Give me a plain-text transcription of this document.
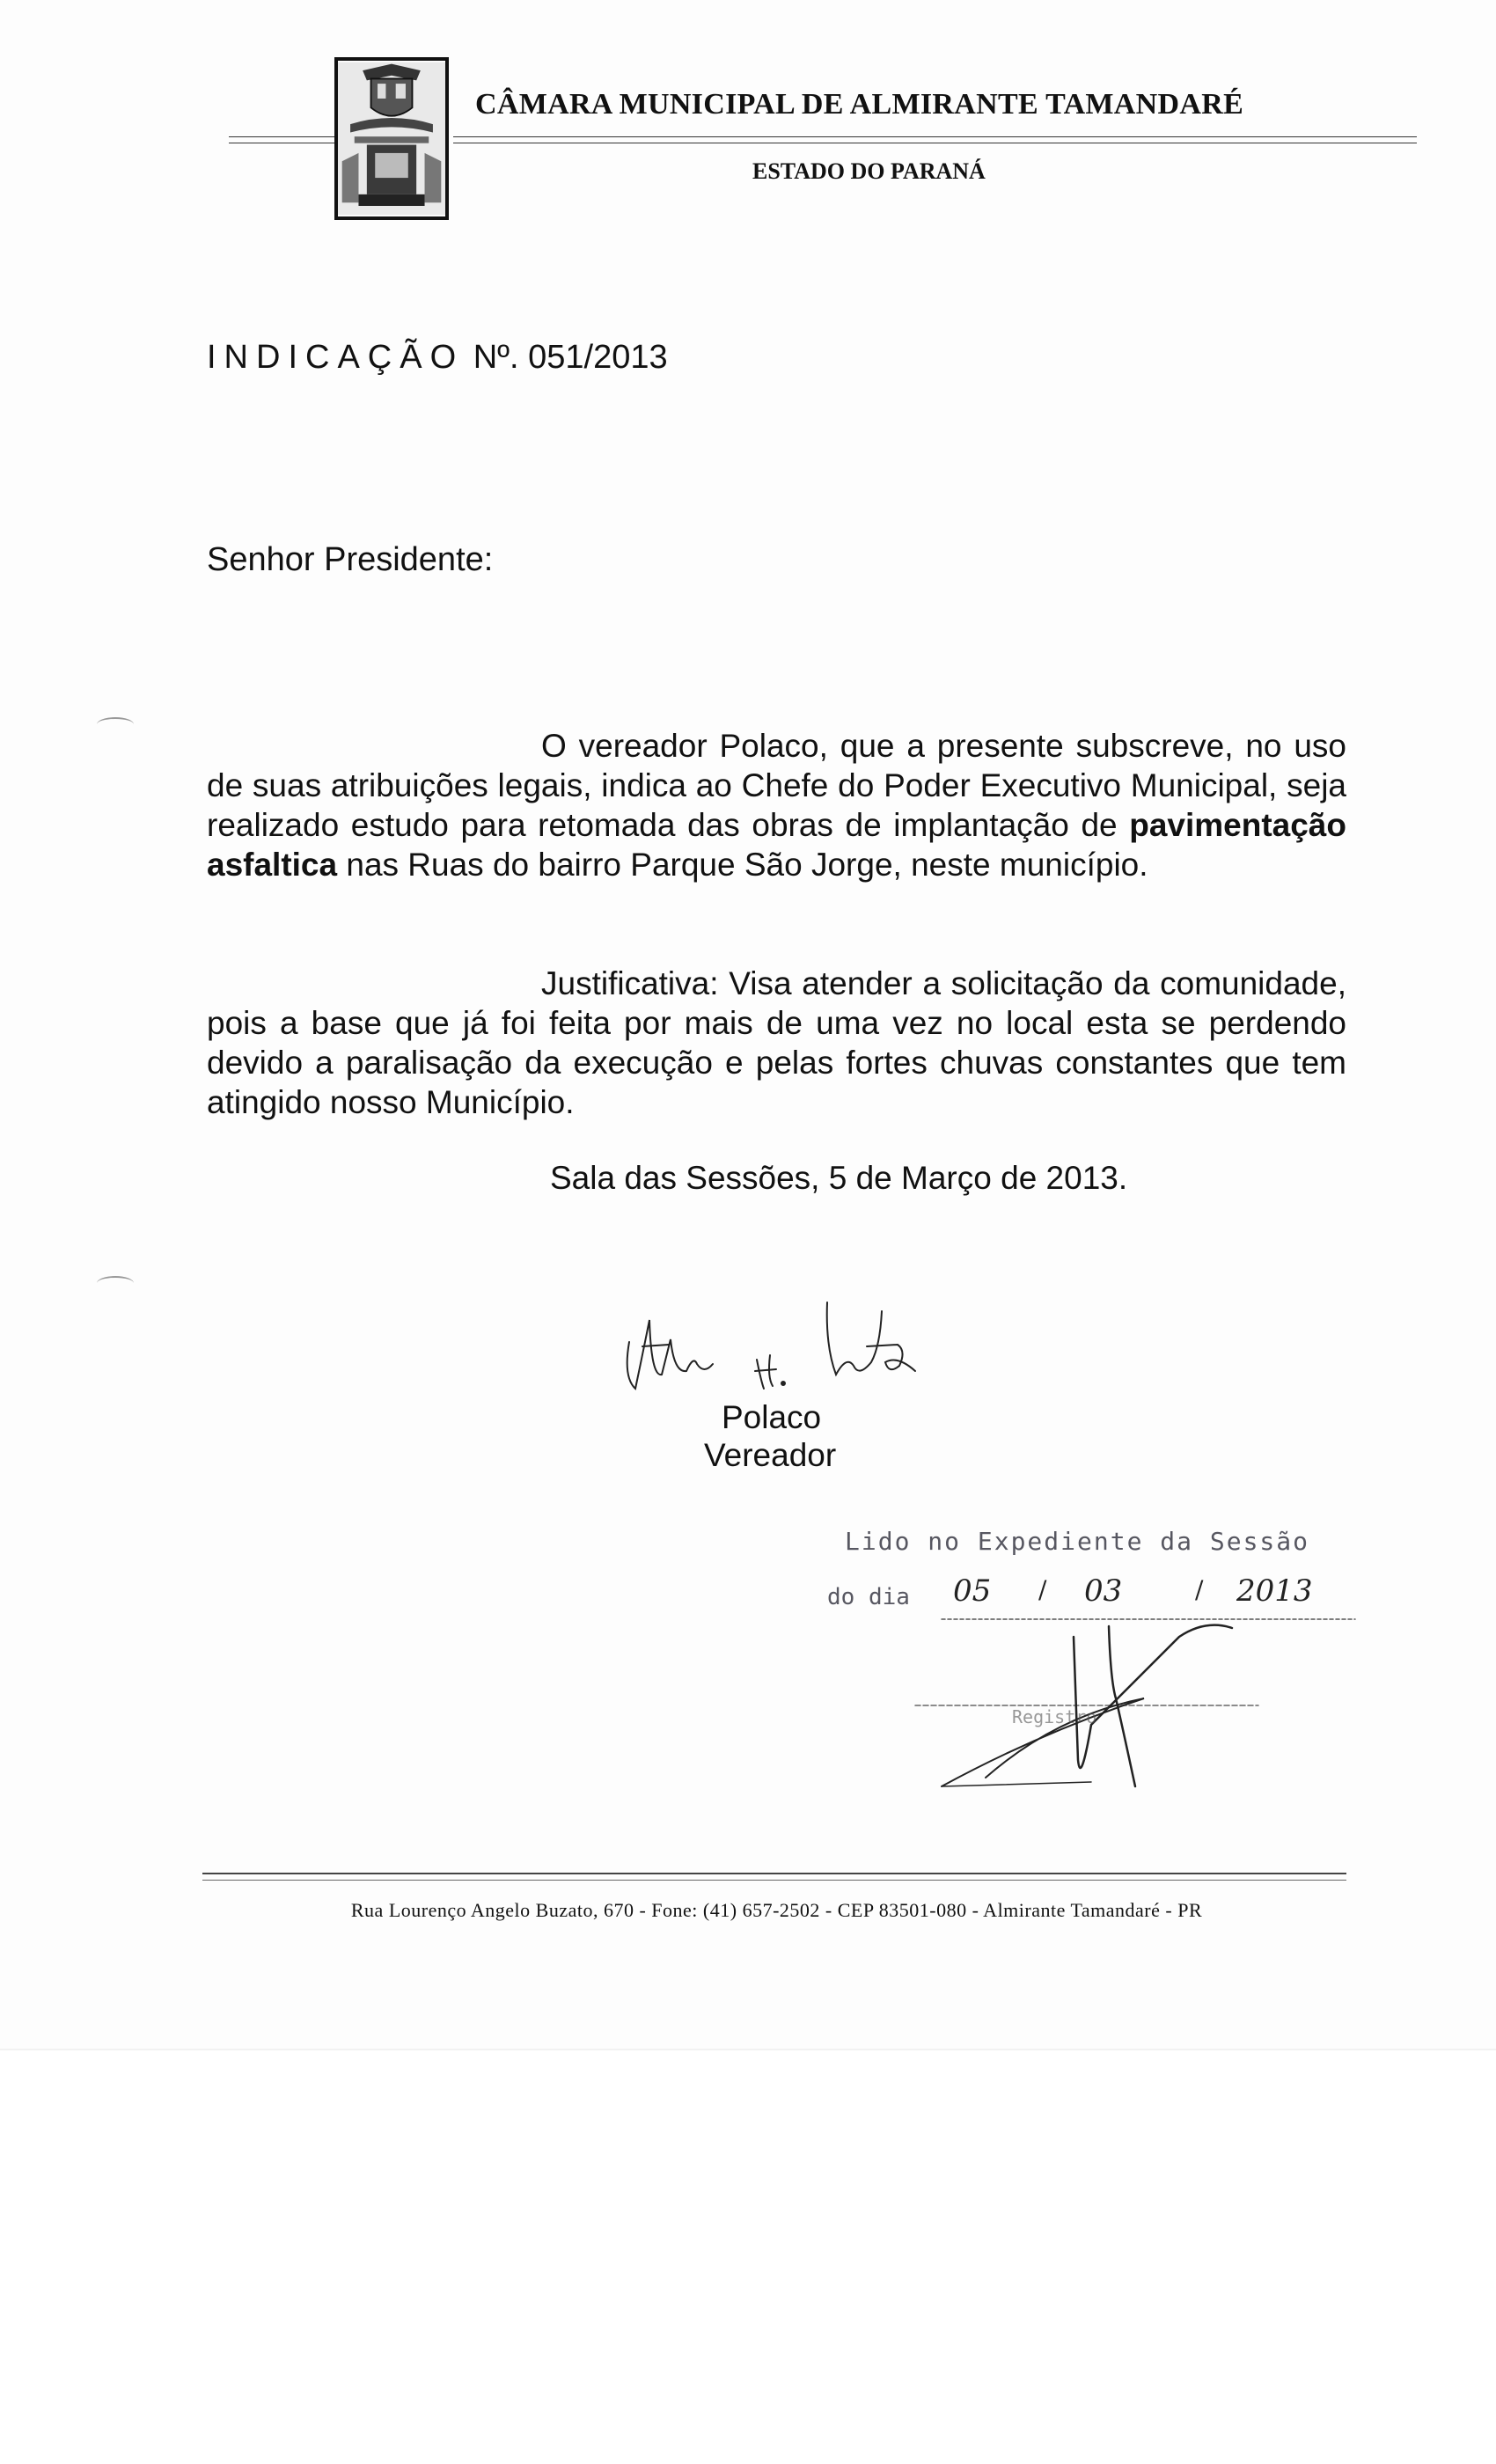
CÂMARA MUNICIPAL DE ALMIRANTE TAMANDARÉ
ESTADO DO PARANÁ
INDICAÇÃO Nº. 051/2013
Senhor Presidente:
O vereador Polaco, que a presente subscreve, no uso de suas atribuições legais, indica ao Chefe do Poder Executivo Municipal, seja realizado estudo para retomada das obras de implantação de pavimentação asfaltica nas Ruas do bairro Parque São Jorge, neste município.
Justificativa: Visa atender a solicitação da comunidade, pois a base que já foi feita por mais de uma vez no local esta se perdendo devido a paralisação da execução e pelas fortes chuvas constantes que tem atingido nosso Município.
Sala das Sessões, 5 de Março de 2013.
Polaco
Vereador
Lido no Expediente da Sessão
do dia 05 / 03	/ 2013
Registro
Rua Lourenço Angelo Buzato, 670 - Fone: (41) 657-2502 - CEP 83501-080 - Almirante Tamandaré - PR
